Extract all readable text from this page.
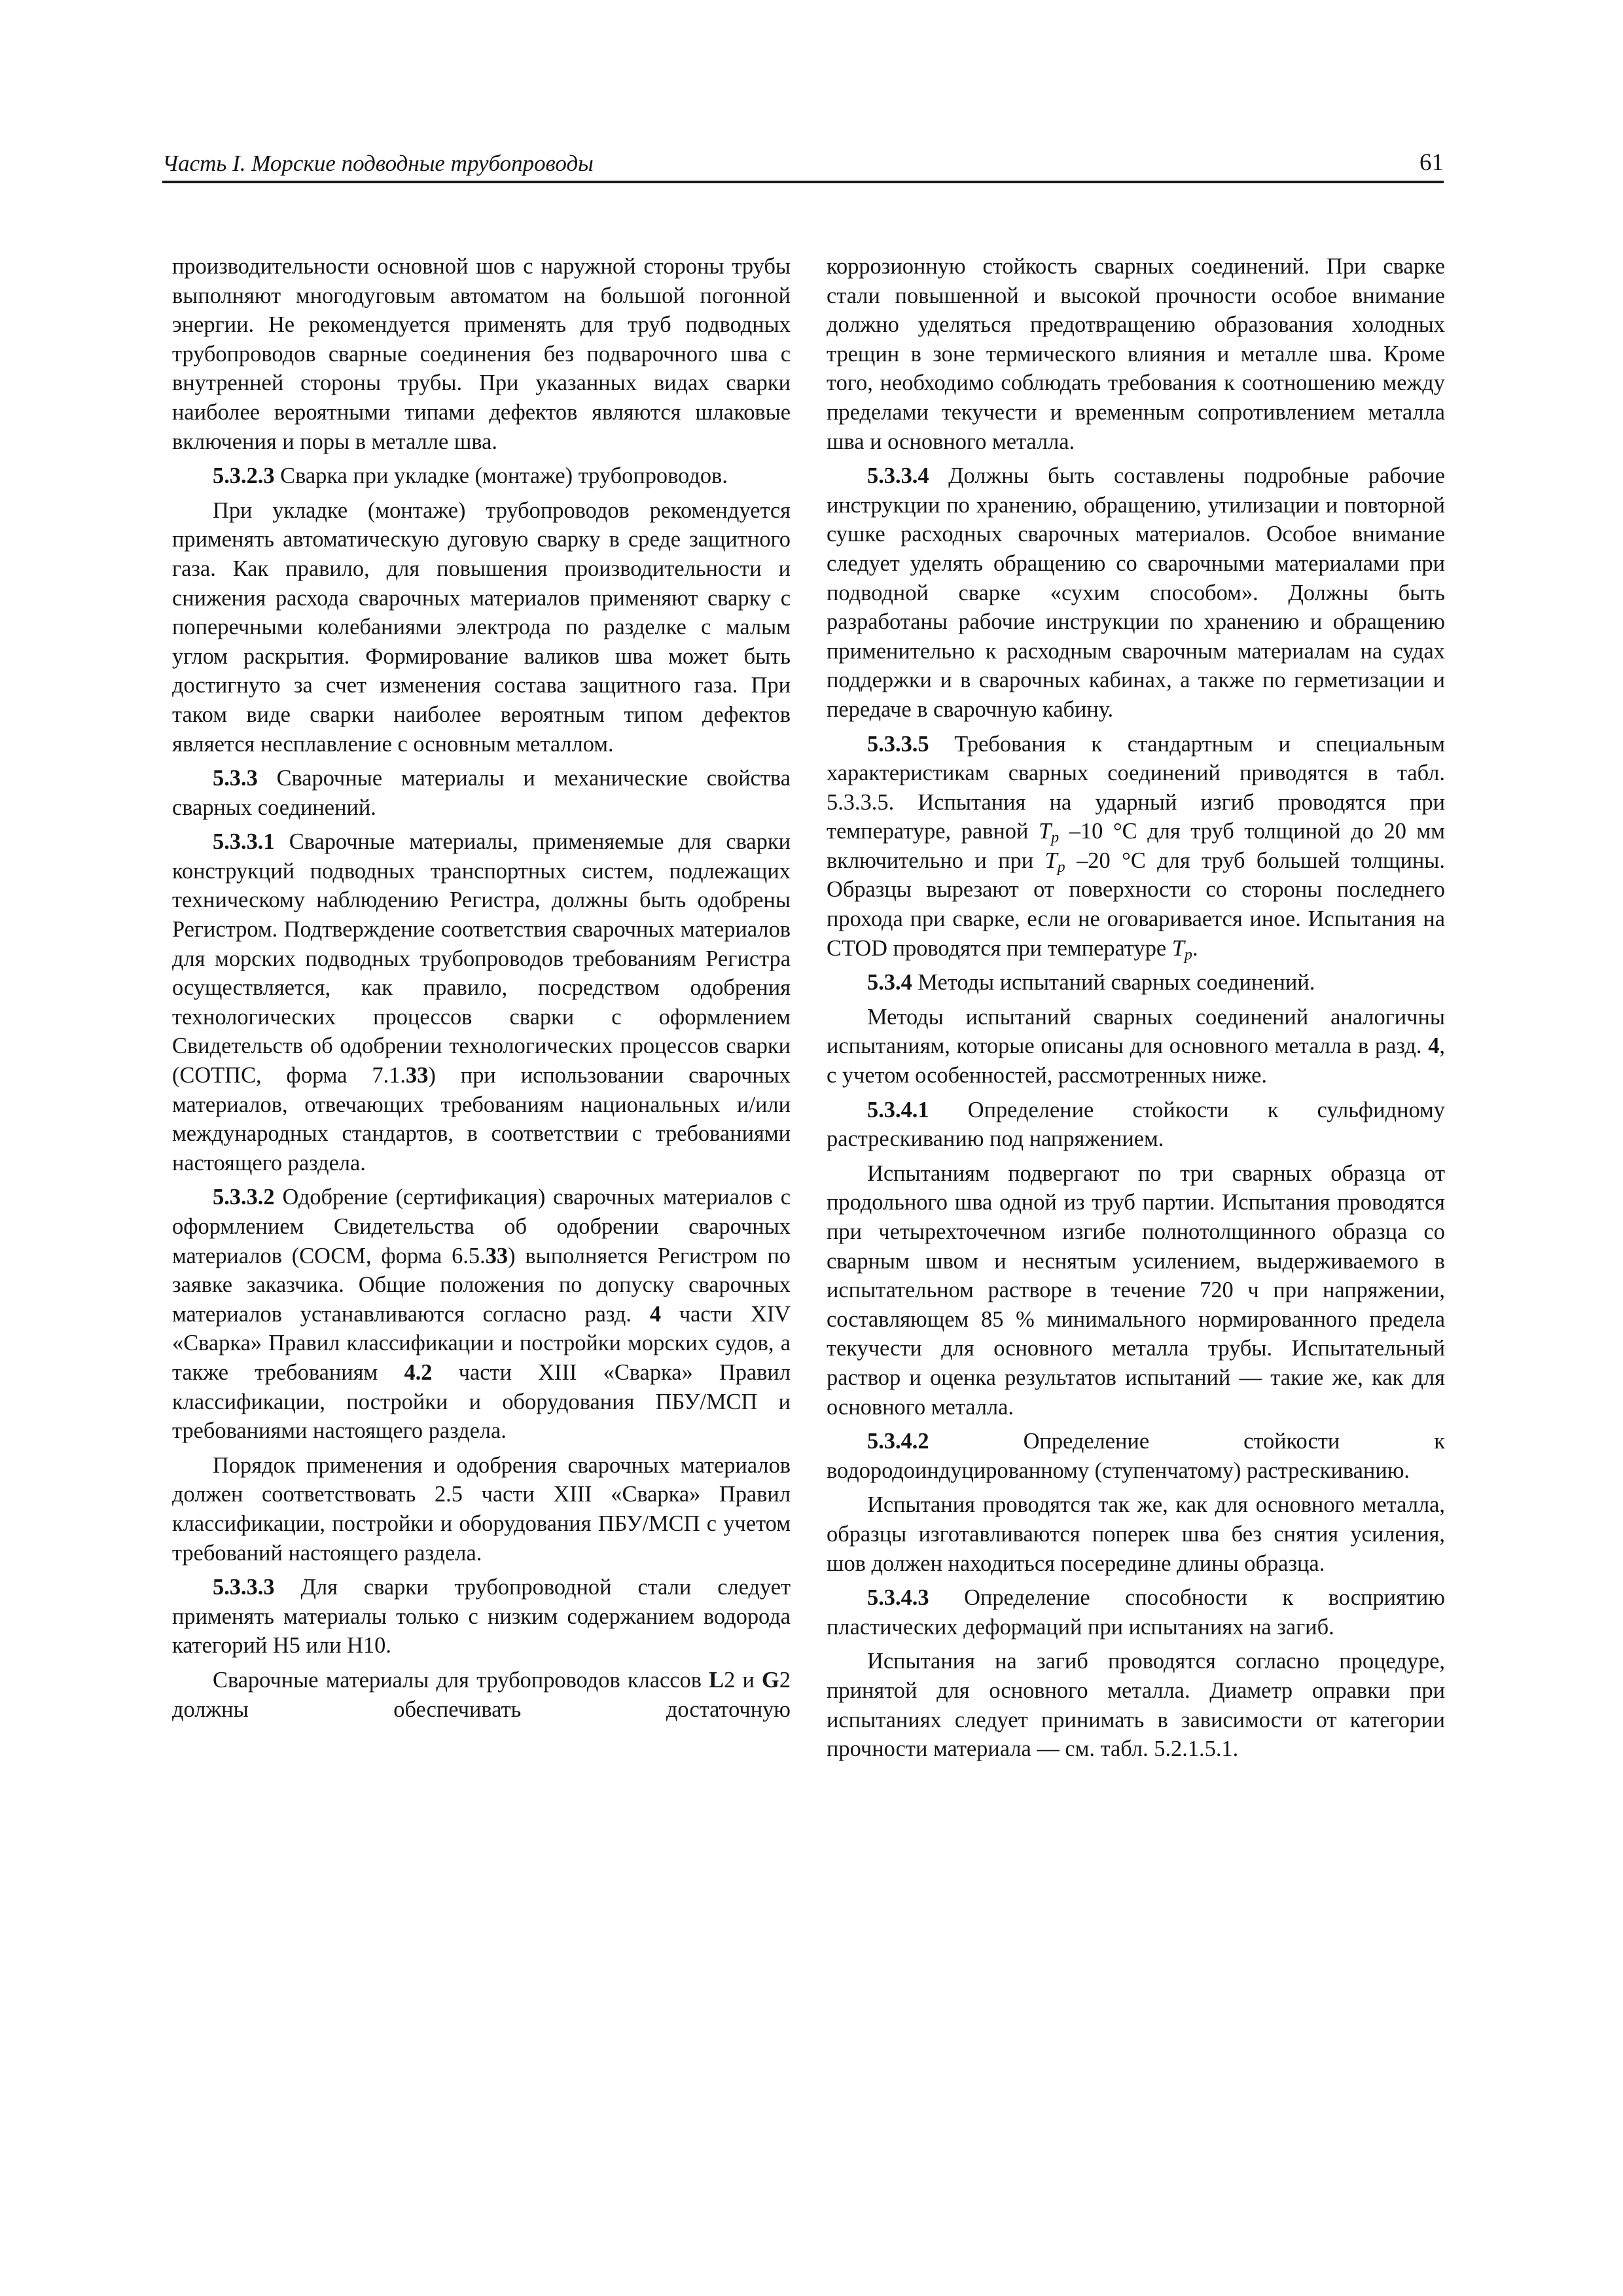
Часть I. Морские подводные трубопроводы	61

производительности основной шов с наружной стороны трубы выполняют многодуговым автоматом на большой погонной энергии. Не рекомендуется применять для труб подводных трубопроводов сварные соединения без подварочного шва с внутренней стороны трубы. При указанных видах сварки наиболее вероятными типами дефектов являются шлаковые включения и поры в металле шва.

5.3.2.3 Сварка при укладке (монтаже) трубопроводов.

При укладке (монтаже) трубопроводов рекомендуется применять автоматическую дуговую сварку в среде защитного газа. Как правило, для повышения производительности и снижения расхода сварочных материалов применяют сварку с поперечными колебаниями электрода по разделке с малым углом раскрытия. Формирование валиков шва может быть достигнуто за счет изменения состава защитного газа. При таком виде сварки наиболее вероятным типом дефектов является несплавление с основным металлом.

5.3.3 Сварочные материалы и механические свойства сварных соединений.

5.3.3.1 Сварочные материалы, применяемые для сварки конструкций подводных транспортных систем, подлежащих техническому наблюдению Регистра, должны быть одобрены Регистром. Подтверждение соответствия сварочных материалов для морских подводных трубопроводов требованиям Регистра осуществляется, как правило, посредством одобрения технологических процессов сварки с оформлением Свидетельств об одобрении технологических процессов сварки (СОТПС, форма 7.1.33) при использовании сварочных материалов, отвечающих требованиям национальных и/или международных стандартов, в соответствии с требованиями настоящего раздела.

5.3.3.2 Одобрение (сертификация) сварочных материалов с оформлением Свидетельства об одобрении сварочных материалов (СОСМ, форма 6.5.33) выполняется Регистром по заявке заказчика. Общие положения по допуску сварочных материалов устанавливаются согласно разд. 4 части XIV «Сварка» Правил классификации и постройки морских судов, а также требованиям 4.2 части XIII «Сварка» Правил классификации, постройки и оборудования ПБУ/МСП и требованиями настоящего раздела.

Порядок применения и одобрения сварочных материалов должен соответствовать 2.5 части XIII «Сварка» Правил классификации, постройки и оборудования ПБУ/МСП с учетом требований настоящего раздела.

5.3.3.3 Для сварки трубопроводной стали следует применять материалы только с низким содержанием водорода категорий Н5 или Н10.

Сварочные материалы для трубопроводов классов L2 и G2 должны обеспечивать достаточную

коррозионную стойкость сварных соединений. При сварке стали повышенной и высокой прочности особое внимание должно уделяться предотвращению образования холодных трещин в зоне термического влияния и металле шва. Кроме того, необходимо соблюдать требования к соотношению между пределами текучести и временным сопротивлением металла шва и основного металла.

5.3.3.4 Должны быть составлены подробные рабочие инструкции по хранению, обращению, утилизации и повторной сушке расходных сварочных материалов. Особое внимание следует уделять обращению со сварочными материалами при подводной сварке «сухим способом». Должны быть разработаны рабочие инструкции по хранению и обращению применительно к расходным сварочным материалам на судах поддержки и в сварочных кабинах, а также по герметизации и передаче в сварочную кабину.

5.3.3.5 Требования к стандартным и специальным характеристикам сварных соединений приводятся в табл. 5.3.3.5. Испытания на ударный изгиб проводятся при температуре, равной $T_p$ –10 °С для труб толщиной до 20 мм включительно и при $T_p$ –20 °С для труб большей толщины. Образцы вырезают от поверхности со стороны последнего прохода при сварке, если не оговаривается иное. Испытания на CTOD проводятся при температуре $T_p$.

5.3.4 Методы испытаний сварных соединений.

Методы испытаний сварных соединений аналогичны испытаниям, которые описаны для основного металла в разд. 4, с учетом особенностей, рассмотренных ниже.

5.3.4.1 Определение стойкости к сульфидному растрескиванию под напряжением.

Испытаниям подвергают по три сварных образца от продольного шва одной из труб партии. Испытания проводятся при четырехточечном изгибе полнотолщинного образца со сварным швом и неснятым усилением, выдерживаемого в испытательном растворе в течение 720 ч при напряжении, составляющем 85 % минимального нормированного предела текучести для основного металла трубы. Испытательный раствор и оценка результатов испытаний — такие же, как для основного металла.

5.3.4.2 Определение стойкости к водородоиндуцированному (ступенчатому) растрескиванию.

Испытания проводятся так же, как для основного металла, образцы изготавливаются поперек шва без снятия усиления, шов должен находиться посередине длины образца.

5.3.4.3 Определение способности к восприятию пластических деформаций при испытаниях на загиб.

Испытания на загиб проводятся согласно процедуре, принятой для основного металла. Диаметр оправки при испытаниях следует принимать в зависимости от категории прочности материала — см. табл. 5.2.1.5.1.
